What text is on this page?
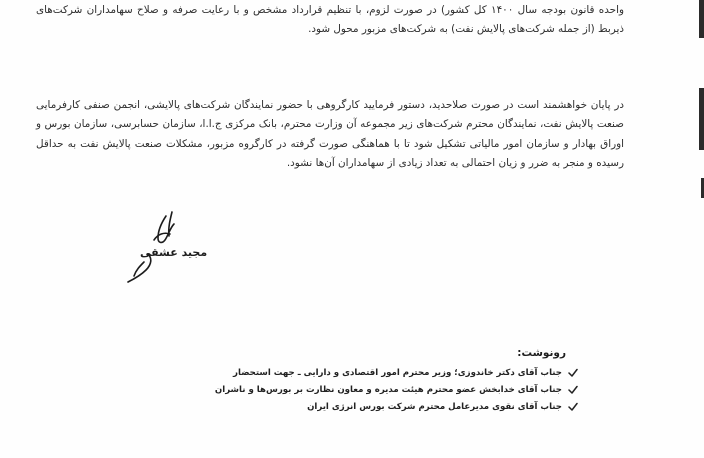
واحده قانون بودجه سال ۱۴۰۰ کل کشور) در صورت لزوم، با تنظیم قرارداد مشخص و با رعایت صرفه و صلاح سهامداران شرکت‌های ذیربط (از جمله شرکت‌های پالایش نفت) به شرکت‌های مزبور محول شود.

در پایان خواهشمند است در صورت صلاحدید، دستور فرمایید کارگروهی با حضور نمایندگان شرکت‌های پالایشی، انجمن صنفی کارفرمایی صنعت پالایش نفت، نمایندگان محترم شرکت‌های زیر مجموعه آن وزارت محترم، بانک مرکزی ج.ا.ا، سازمان حسابرسی، سازمان بورس و اوراق بهادار و سازمان امور مالیاتی تشکیل شود تا با هماهنگی صورت گرفته در کارگروه مزبور، مشکلات صنعت پالایش نفت به حداقل رسیده و منجر به ضرر و زیان احتمالی به تعداد زیادی از سهامداران آن‌ها نشود.

مجید عشقی

رونوشت:

جناب آقای دکتر خاندوزی؛ وزیر محترم امور اقتصادی و دارایی ـ جهت استحضار
جناب آقای خدابخش عضو محترم هیئت مدیره و معاون نظارت بر بورس‌ها و ناشران
جناب آقای نقوی مدیرعامل محترم شرکت بورس انرژی ایران
